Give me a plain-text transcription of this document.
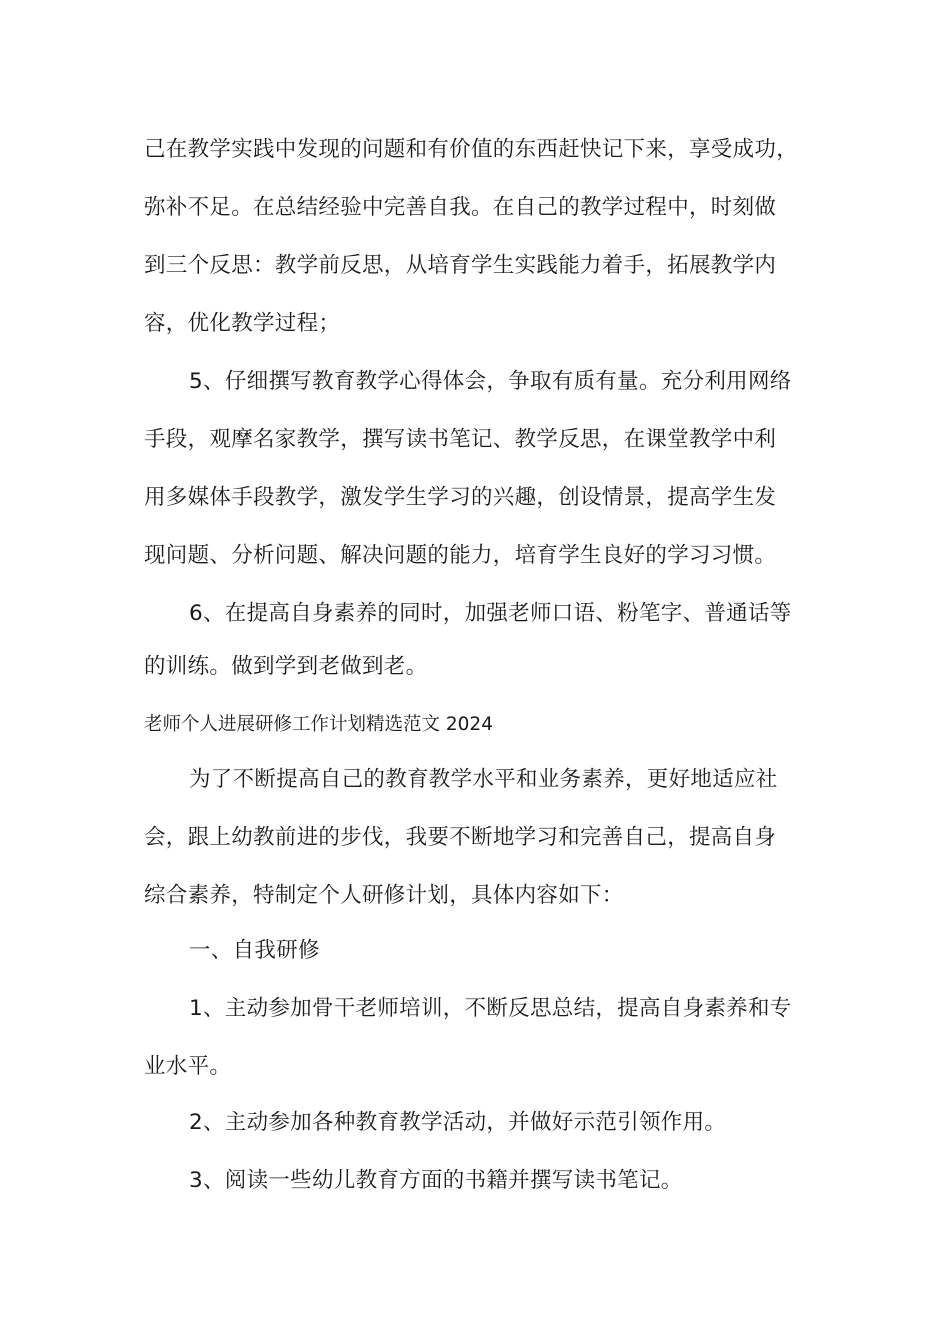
己在教学实践中发现的问题和有价值的东西赶快记下来，享受成功，
弥补不足。在总结经验中完善自我。在自己的教学过程中，时刻做
到三个反思：教学前反思，从培育学生实践能力着手，拓展教学内
容，优化教学过程；
5、仔细撰写教育教学心得体会，争取有质有量。充分利用网络
手段，观摩名家教学，撰写读书笔记、教学反思，在课堂教学中利
用多媒体手段教学，激发学生学习的兴趣，创设情景，提高学生发
现问题、分析问题、解决问题的能力，培育学生良好的学习习惯。
6、在提高自身素养的同时，加强老师口语、粉笔字、普通话等
的训练。做到学到老做到老。
老师个人进展研修工作计划精选范文 2024
为了不断提高自己的教育教学水平和业务素养，更好地适应社
会，跟上幼教前进的步伐，我要不断地学习和完善自己，提高自身
综合素养，特制定个人研修计划，具体内容如下：
一、自我研修
1、主动参加骨干老师培训，不断反思总结，提高自身素养和专
业水平。
2、主动参加各种教育教学活动，并做好示范引领作用。
3、阅读一些幼儿教育方面的书籍并撰写读书笔记。
